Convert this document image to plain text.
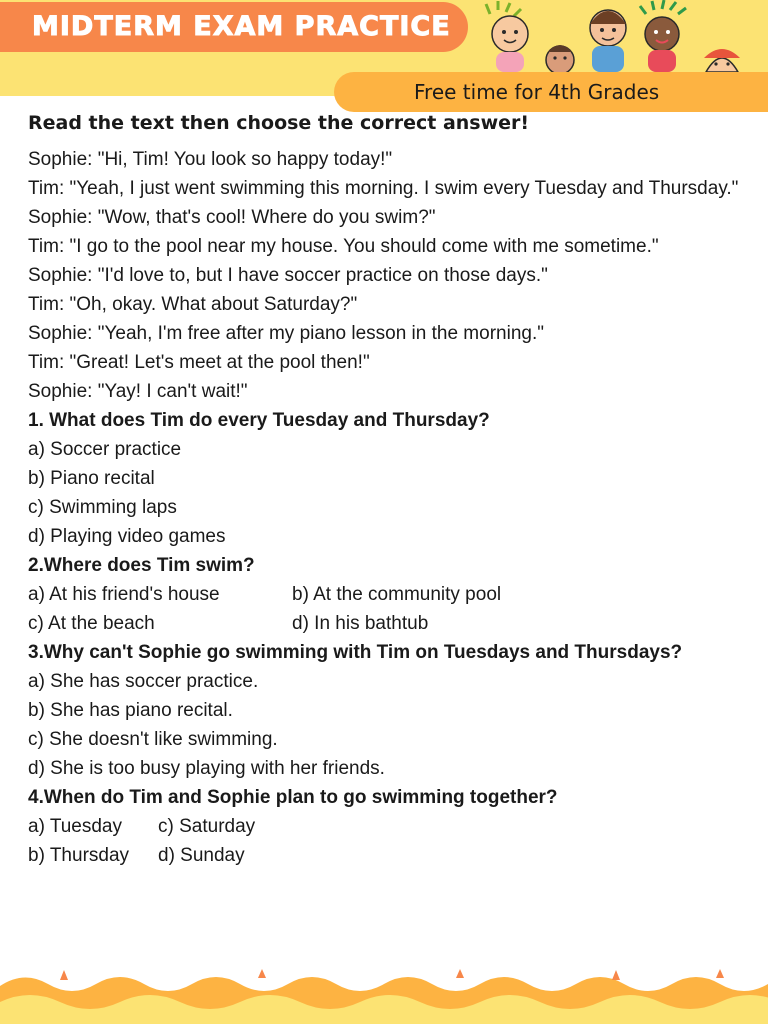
MIDTERM EXAM PRACTICE
Free time for 4th Grades
Read the text then choose the correct answer!
Sophie: "Hi, Tim! You look so happy today!"
Tim: "Yeah, I just went swimming this morning. I swim every Tuesday and Thursday."
Sophie: "Wow, that's cool! Where do you swim?"
Tim: "I go to the pool near my house. You should come with me sometime."
Sophie: "I'd love to, but I have soccer practice on those days."
Tim: "Oh, okay. What about Saturday?"
Sophie: "Yeah, I'm free after my piano lesson in the morning."
Tim: "Great! Let's meet at the pool then!"
Sophie: "Yay! I can't wait!"
1. What does Tim do every Tuesday and Thursday?
a) Soccer practice
b) Piano recital
c) Swimming laps
d) Playing video games
2.Where does Tim swim?
a) At his friend's house	b) At the community pool
c) At the beach	d) In his bathtub
3.Why can't Sophie go swimming with Tim on Tuesdays and Thursdays?
a) She has soccer practice.
b) She has piano recital.
c) She doesn't like swimming.
d) She is too busy playing with her friends.
4.When do Tim and Sophie plan to go swimming together?
a) Tuesday	c) Saturday
b) Thursday	d) Sunday
